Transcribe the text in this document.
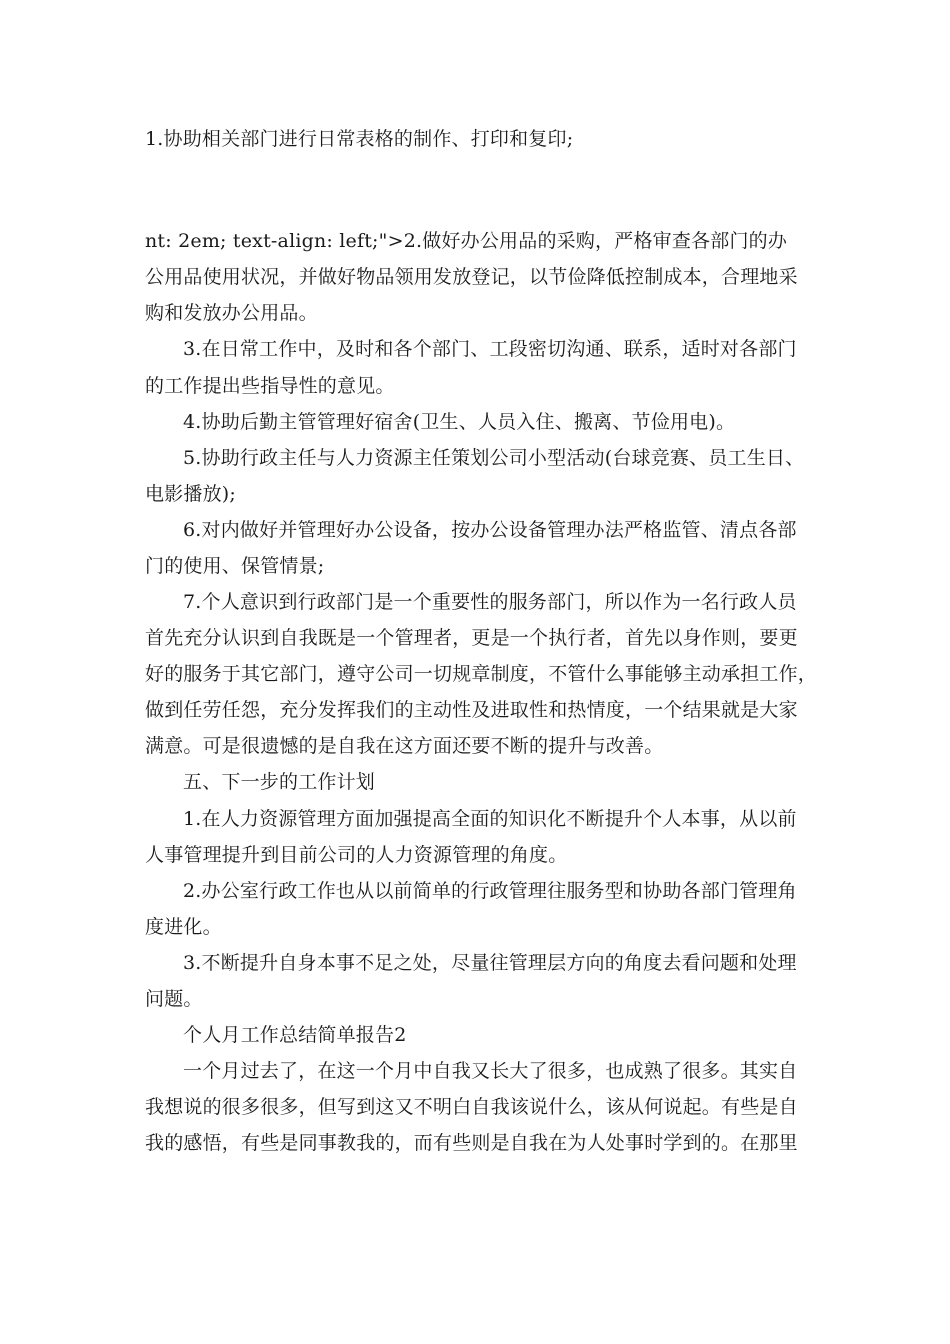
1.协助相关部门进行日常表格的制作、打印和复印;
nt: 2em; text-align: left;">2.做好办公用品的采购，严格审查各部门的办
公用品使用状况，并做好物品领用发放登记，以节俭降低控制成本，合理地采
购和发放办公用品。
3.在日常工作中，及时和各个部门、工段密切沟通、联系，适时对各部门
的工作提出些指导性的意见。
4.协助后勤主管管理好宿舍(卫生、人员入住、搬离、节俭用电)。
5.协助行政主任与人力资源主任策划公司小型活动(台球竞赛、员工生日、
电影播放);
6.对内做好并管理好办公设备，按办公设备管理办法严格监管、清点各部
门的使用、保管情景;
7.个人意识到行政部门是一个重要性的服务部门，所以作为一名行政人员
首先充分认识到自我既是一个管理者，更是一个执行者，首先以身作则，要更
好的服务于其它部门，遵守公司一切规章制度，不管什么事能够主动承担工作，
做到任劳任怨，充分发挥我们的主动性及进取性和热情度，一个结果就是大家
满意。可是很遗憾的是自我在这方面还要不断的提升与改善。
五、下一步的工作计划
1.在人力资源管理方面加强提高全面的知识化不断提升个人本事，从以前
人事管理提升到目前公司的人力资源管理的角度。
2.办公室行政工作也从以前简单的行政管理往服务型和协助各部门管理角
度进化。
3.不断提升自身本事不足之处，尽量往管理层方向的角度去看问题和处理
问题。
个人月工作总结简单报告2
一个月过去了，在这一个月中自我又长大了很多，也成熟了很多。其实自
我想说的很多很多，但写到这又不明白自我该说什么，该从何说起。有些是自
我的感悟，有些是同事教我的，而有些则是自我在为人处事时学到的。在那里
